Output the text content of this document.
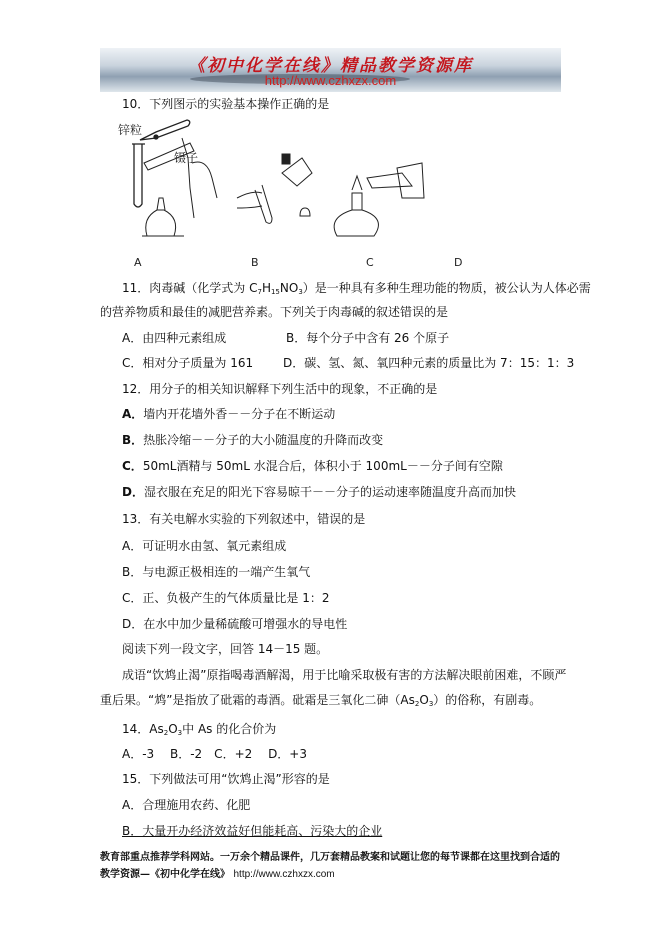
《初中化学在线》精品教学资源库
http://www.czhxzx.com
10．下列图示的实验基本操作正确的是
锌粒
镊子
A	B	C	D
11．肉毒碱（化学式为 $C_7H_{15}NO_3$）是一种具有多种生理功能的物质，被公认为人体必需
的营养物质和最佳的减肥营养素。下列关于肉毒碱的叙述错误的是
A．由四种元素组成	B．每个分子中含有 26 个原子
C．相对分子质量为 161 D．碳、氢、氮、氧四种元素的质量比为 7：15：1：3
12．用分子的相关知识解释下列生活中的现象，不正确的是
A．墙内开花墙外香－－分子在不断运动
B．热胀冷缩－－分子的大小随温度的升降而改变
C．50mL酒精与 50mL 水混合后，体积小于 100mL－－分子间有空隙
D．湿衣服在充足的阳光下容易晾干－－分子的运动速率随温度升高而加快
13．有关电解水实验的下列叙述中，错误的是
A．可证明水由氢、氧元素组成
B．与电源正极相连的一端产生氧气
C．正、负极产生的气体质量比是 1：2
D．在水中加少量稀硫酸可增强水的导电性
阅读下列一段文字，回答 14－15 题。
成语“饮鸩止渴”原指喝毒酒解渴，用于比喻采取极有害的方法解决眼前困难，不顾严
重后果。“鸩”是指放了砒霜的毒酒。砒霜是三氧化二砷$(As_2O_3)$的俗称，有剧毒。
14．$As_2O_3$中 As 的化合价为
A．-3　 B．-2　C．+2　 D．+3
15．下列做法可用“饮鸩止渴”形容的是
A．合理施用农药、化肥
B．大量开办经济效益好但能耗高、污染大的企业
教育部重点推荐学科网站。一万余个精品课件，几万套精品教案和试题让您的每节课都在这里找到合适的
教学资源—《初中化学在线》 http://www.czhxzx.com
